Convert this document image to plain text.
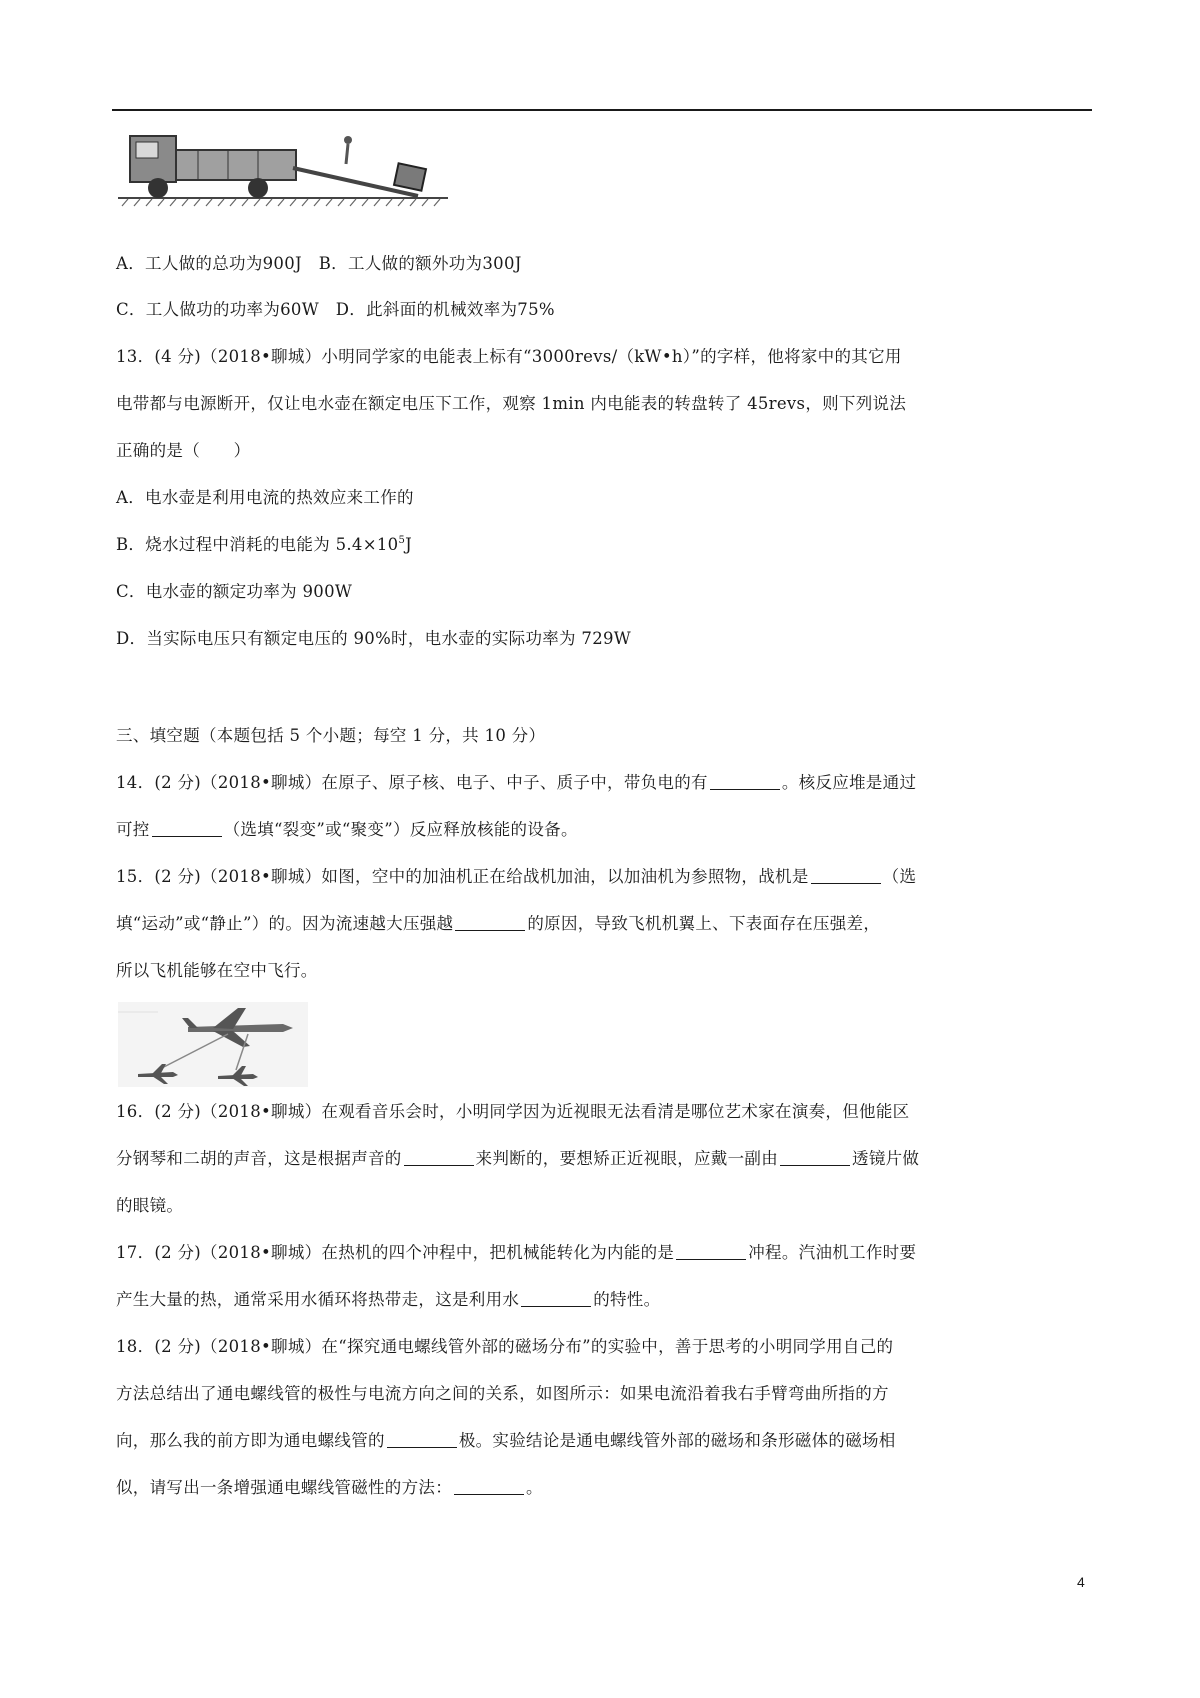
A．工人做的总功为900J　B．工人做的额外功为300J
C．工人做功的功率为60W　D．此斜面的机械效率为75%
13．(4 分)（2018•聊城）小明同学家的电能表上标有“3000revs/（kW•h）”的字样，他将家中的其它用
电带都与电源断开，仅让电水壶在额定电压下工作，观察 1min 内电能表的转盘转了 45revs，则下列说法
正确的是（　　）
A．电水壶是利用电流的热效应来工作的
B．烧水过程中消耗的电能为 $5.4\times 10^5J$
C．电水壶的额定功率为 900W
D．当实际电压只有额定电压的 90%时，电水壶的实际功率为 729W
三、填空题（本题包括 5 个小题；每空 1 分，共 10 分）
14．(2 分)（2018•聊城）在原子、原子核、电子、中子、质子中，带负电的有	。核反应堆是通过
可控	（选填“裂变”或“聚变”）反应释放核能的设备。
15．(2 分)（2018•聊城）如图，空中的加油机正在给战机加油，以加油机为参照物，战机是	（选
填“运动”或“静止”）的。因为流速越大压强越	的原因，导致飞机机翼上、下表面存在压强差，
所以飞机能够在空中飞行。
16．(2 分)（2018•聊城）在观看音乐会时，小明同学因为近视眼无法看清是哪位艺术家在演奏，但他能区
分钢琴和二胡的声音，这是根据声音的	来判断的，要想矫正近视眼，应戴一副由	透镜片做
的眼镜。
17．(2 分)（2018•聊城）在热机的四个冲程中，把机械能转化为内能的是	冲程。汽油机工作时要
产生大量的热，通常采用水循环将热带走，这是利用水	的特性。
18．(2 分)（2018•聊城）在“探究通电螺线管外部的磁场分布”的实验中，善于思考的小明同学用自己的
方法总结出了通电螺线管的极性与电流方向之间的关系，如图所示：如果电流沿着我右手臂弯曲所指的方
向，那么我的前方即为通电螺线管的	极。实验结论是通电螺线管外部的磁场和条形磁体的磁场相
似，请写出一条增强通电螺线管磁性的方法：	。
4
